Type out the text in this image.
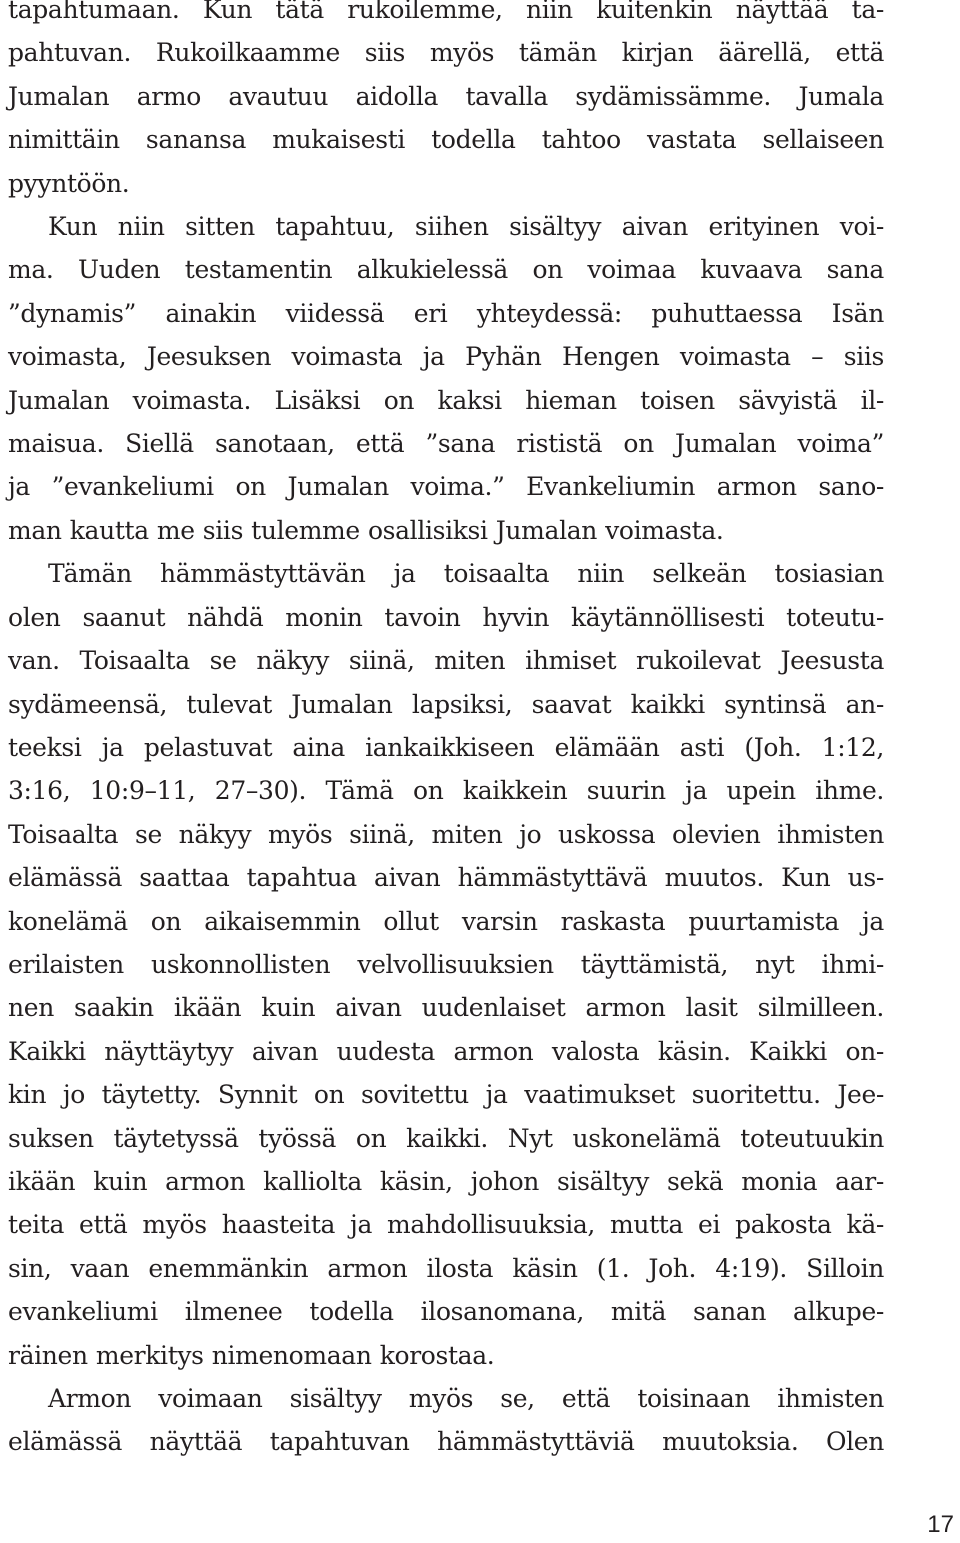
tapahtumaan. Kun tätä rukoilemme, niin kuitenkin näyttää ta-
pahtuvan. Rukoilkaamme siis myös tämän kirjan äärellä, että
Jumalan armo avautuu aidolla tavalla sydämissämme. Jumala
nimittäin sanansa mukaisesti todella tahtoo vastata sellaiseen
pyyntöön.
Kun niin sitten tapahtuu, siihen sisältyy aivan erityinen voi-
ma. Uuden testamentin alkukielessä on voimaa kuvaava sana
”dynamis” ainakin viidessä eri yhteydessä: puhuttaessa Isän
voimasta, Jeesuksen voimasta ja Pyhän Hengen voimasta – siis
Jumalan voimasta. Lisäksi on kaksi hieman toisen sävyistä il-
maisua. Siellä sanotaan, että ”sana rististä on Jumalan voima”
ja ”evankeliumi on Jumalan voima.” Evankeliumin armon sano-
man kautta me siis tulemme osallisiksi Jumalan voimasta.
Tämän hämmästyttävän ja toisaalta niin selkeän tosiasian
olen saanut nähdä monin tavoin hyvin käytännöllisesti toteutu-
van. Toisaalta se näkyy siinä, miten ihmiset rukoilevat Jeesusta
sydämeensä, tulevat Jumalan lapsiksi, saavat kaikki syntinsä an-
teeksi ja pelastuvat aina iankaikkiseen elämään asti (Joh. 1:12,
3:16, 10:9–11, 27–30). Tämä on kaikkein suurin ja upein ihme.
Toisaalta se näkyy myös siinä, miten jo uskossa olevien ihmisten
elämässä saattaa tapahtua aivan hämmästyttävä muutos. Kun us-
konelämä on aikaisemmin ollut varsin raskasta puurtamista ja
erilaisten uskonnollisten velvollisuuksien täyttämistä, nyt ihmi-
nen saakin ikään kuin aivan uudenlaiset armon lasit silmilleen.
Kaikki näyttäytyy aivan uudesta armon valosta käsin. Kaikki on-
kin jo täytetty. Synnit on sovitettu ja vaatimukset suoritettu. Jee-
suksen täytetyssä työssä on kaikki. Nyt uskonelämä toteutuukin
ikään kuin armon kalliolta käsin, johon sisältyy sekä monia aar-
teita että myös haasteita ja mahdollisuuksia, mutta ei pakosta kä-
sin, vaan enemmänkin armon ilosta käsin (1. Joh. 4:19). Silloin
evankeliumi ilmenee todella ilosanomana, mitä sanan alkupe-
räinen merkitys nimenomaan korostaa.
Armon voimaan sisältyy myös se, että toisinaan ihmisten
elämässä näyttää tapahtuvan hämmästyttäviä muutoksia. Olen
17
